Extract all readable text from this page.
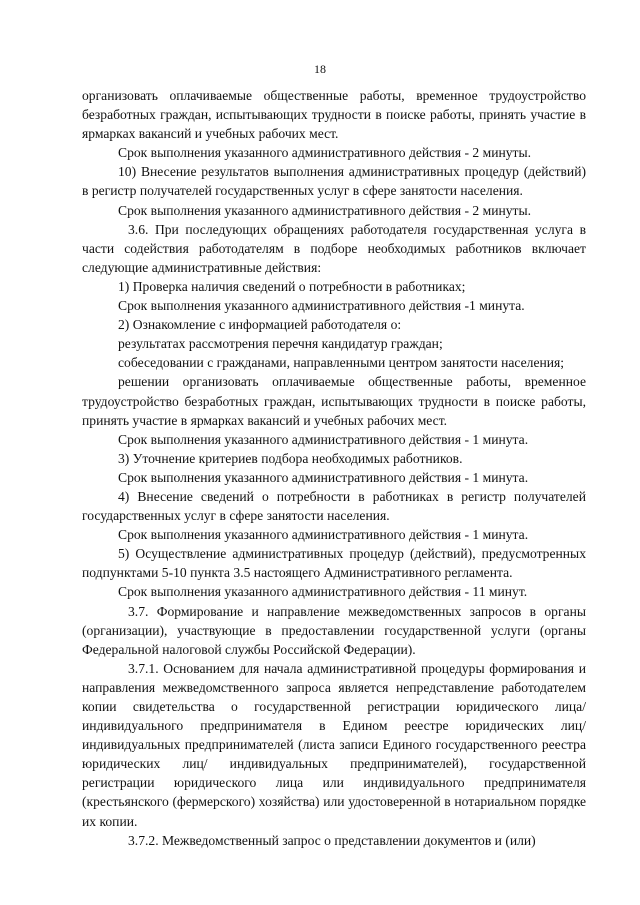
18

организовать оплачиваемые общественные работы, временное трудоустройство безработных граждан, испытывающих трудности в поиске работы, принять участие в ярмарках вакансий и учебных рабочих мест.

Срок выполнения указанного административного действия - 2 минуты.

10) Внесение результатов выполнения административных процедур (действий) в регистр получателей государственных услуг в сфере занятости населения.

Срок выполнения указанного административного действия - 2 минуты.

3.6. При последующих обращениях работодателя государственная услуга в части содействия работодателям в подборе необходимых работников включает следующие административные действия:

1) Проверка наличия сведений о потребности в работниках;

Срок выполнения указанного административного действия -1 минута.

2) Ознакомление с информацией работодателя о:

результатах рассмотрения перечня кандидатур граждан;

собеседовании с гражданами, направленными центром занятости населения;

решении организовать оплачиваемые общественные работы, временное трудоустройство безработных граждан, испытывающих трудности в поиске работы, принять участие в ярмарках вакансий и учебных рабочих мест.

Срок выполнения указанного административного действия - 1 минута.

3) Уточнение критериев подбора необходимых работников.

Срок выполнения указанного административного действия - 1 минута.

4) Внесение сведений о потребности в работниках в регистр получателей государственных услуг в сфере занятости населения.

Срок выполнения указанного административного действия - 1 минута.

5) Осуществление административных процедур (действий), предусмотренных подпунктами 5-10 пункта 3.5 настоящего Административного регламента.

Срок выполнения указанного административного действия - 11 минут.

3.7. Формирование и направление межведомственных запросов в органы (организации), участвующие в предоставлении государственной услуги (органы Федеральной налоговой службы Российской Федерации).

3.7.1. Основанием для начала административной процедуры формирования и направления межведомственного запроса является непредставление работодателем копии свидетельства о государственной регистрации юридического лица/индивидуального предпринимателя в Едином реестре юридических лиц/индивидуальных предпринимателей (листа записи Единого государственного реестра юридических лиц/ индивидуальных предпринимателей), государственной регистрации юридического лица или индивидуального предпринимателя (крестьянского (фермерского) хозяйства) или удостоверенной в нотариальном порядке их копии.

3.7.2. Межведомственный запрос о представлении документов и (или)
